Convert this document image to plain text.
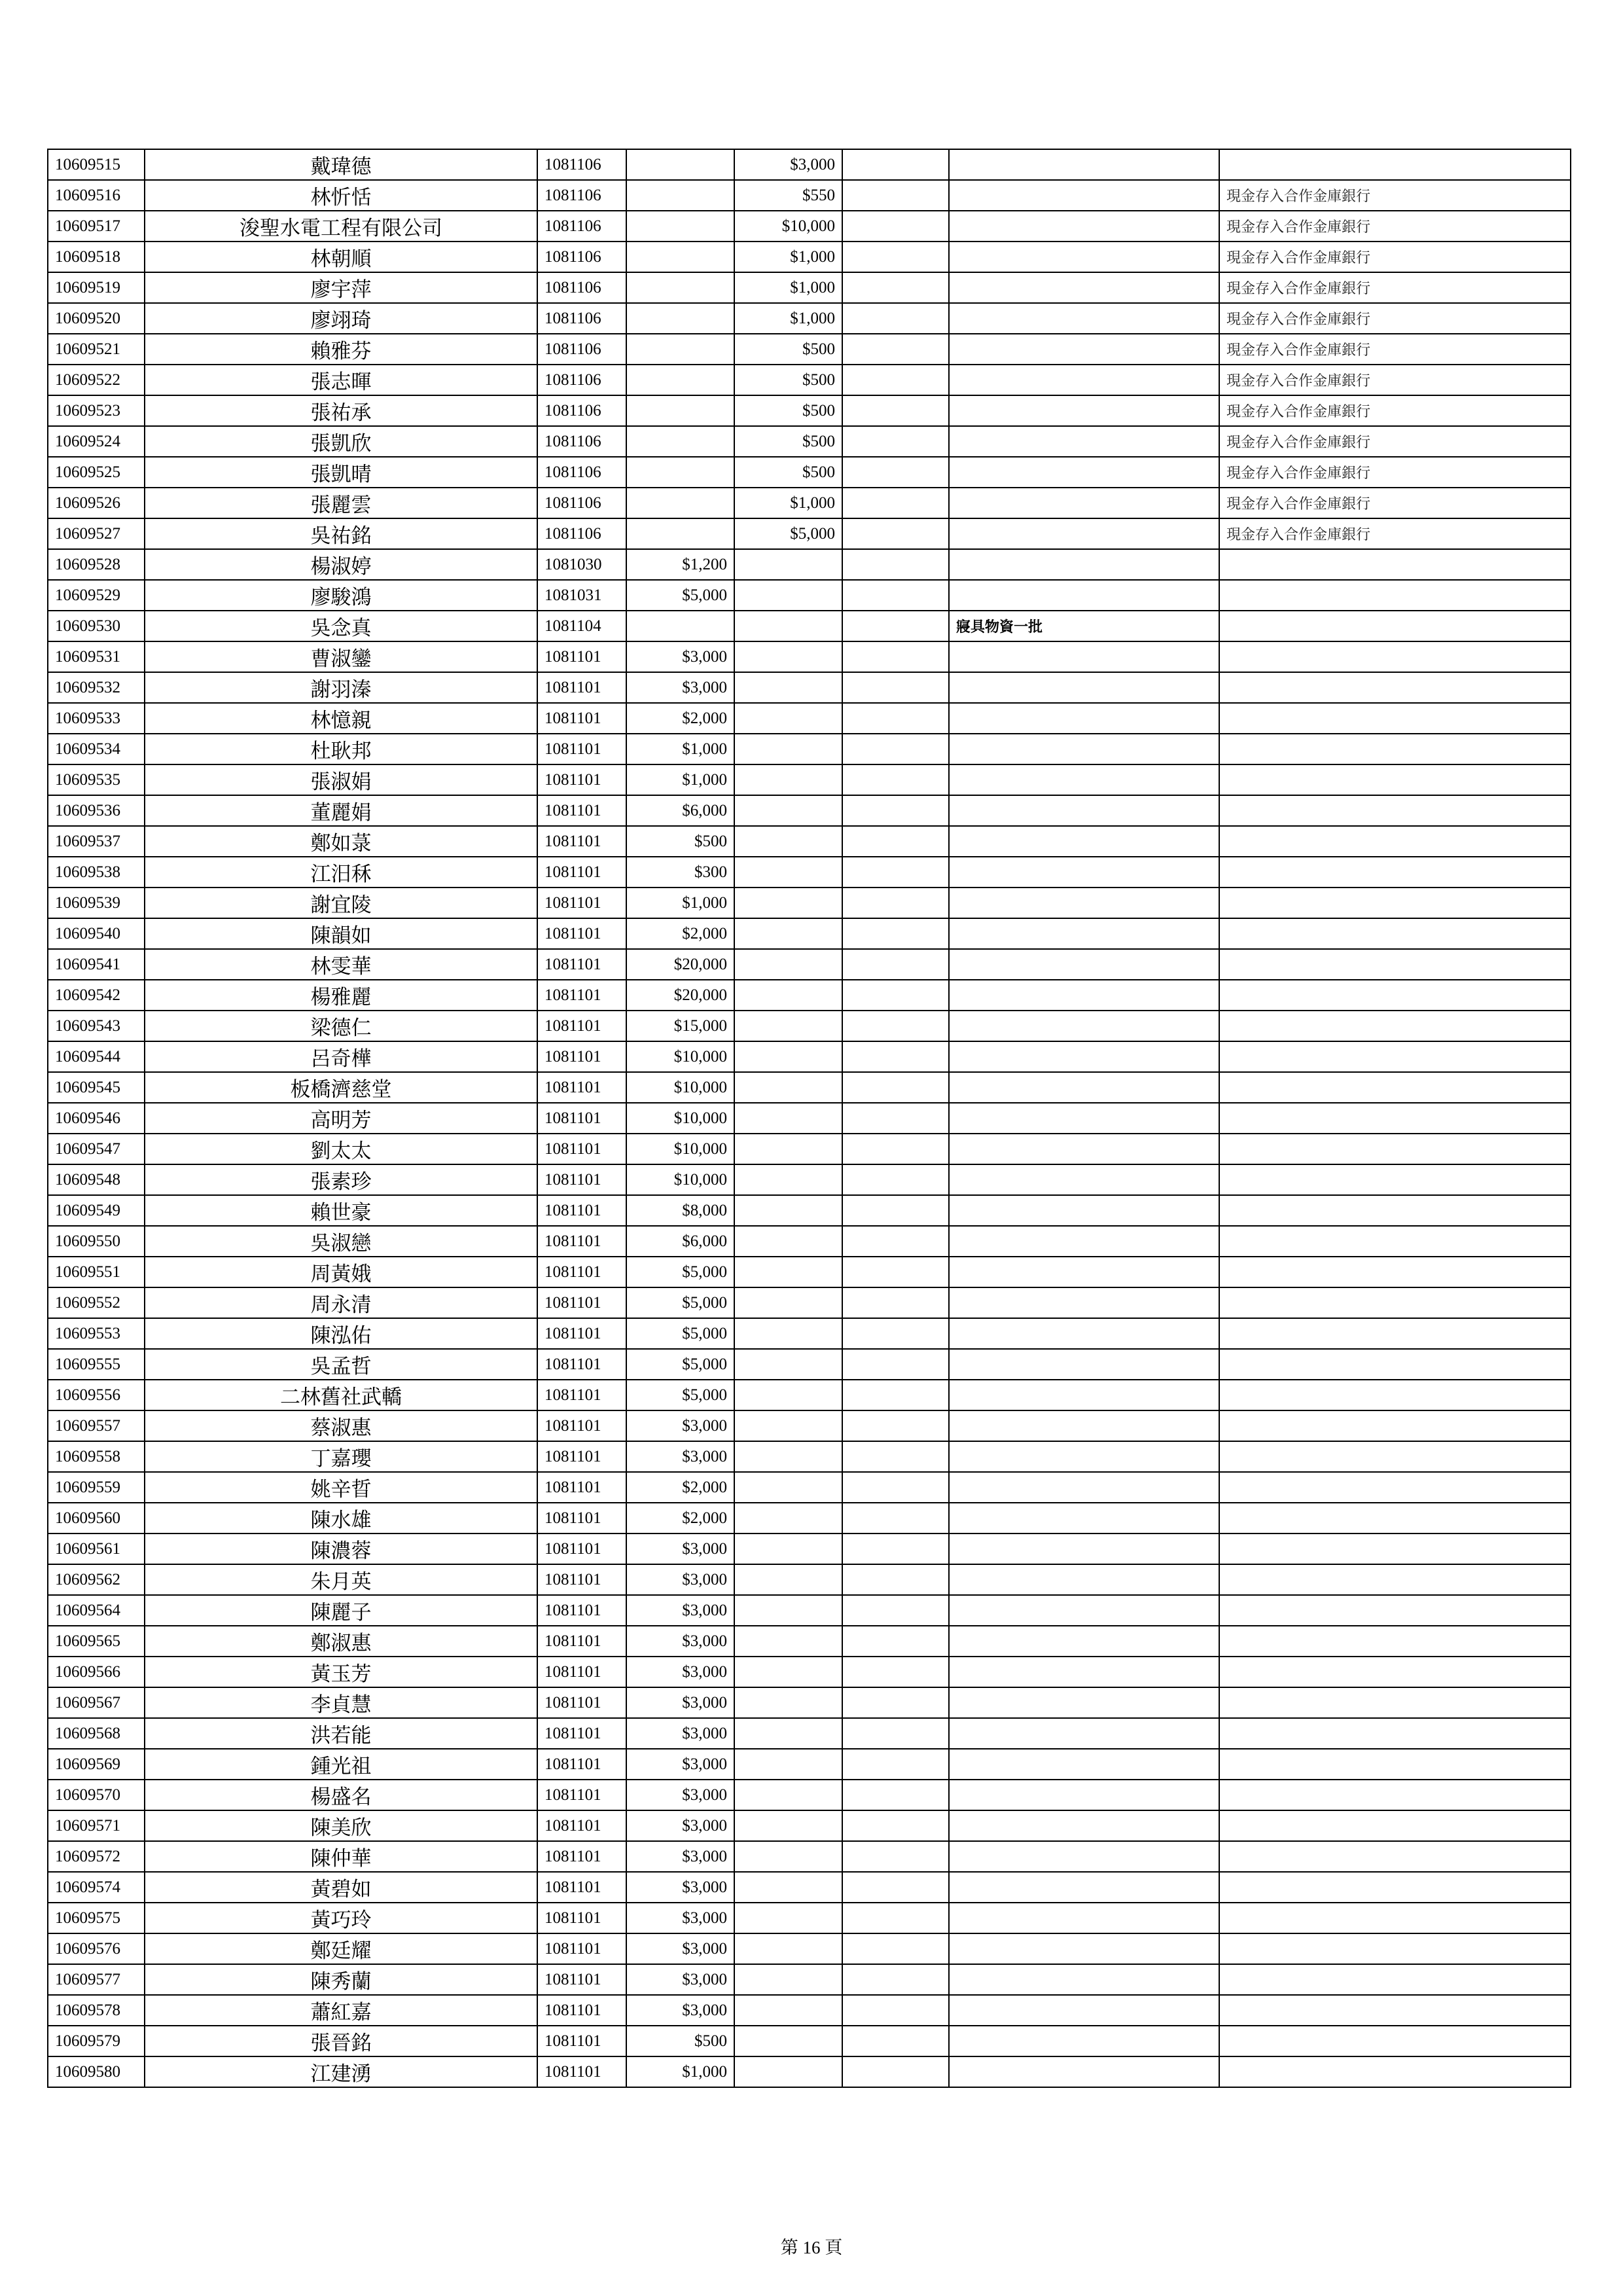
10609515	戴瑋德	1081106		$3,000			
10609516	林忻恬	1081106		$550			現金存入合作金庫銀行
10609517	浚聖水電工程有限公司	1081106		$10,000			現金存入合作金庫銀行
10609518	林朝順	1081106		$1,000			現金存入合作金庫銀行
10609519	廖宇萍	1081106		$1,000			現金存入合作金庫銀行
10609520	廖翊琦	1081106		$1,000			現金存入合作金庫銀行
10609521	賴雅芬	1081106		$500			現金存入合作金庫銀行
10609522	張志暉	1081106		$500			現金存入合作金庫銀行
10609523	張祐承	1081106		$500			現金存入合作金庫銀行
10609524	張凱欣	1081106		$500			現金存入合作金庫銀行
10609525	張凱晴	1081106		$500			現金存入合作金庫銀行
10609526	張麗雲	1081106		$1,000			現金存入合作金庫銀行
10609527	吳祐銘	1081106		$5,000			現金存入合作金庫銀行
10609528	楊淑婷	1081030	$1,200				
10609529	廖駿鴻	1081031	$5,000				
10609530	吳念真	1081104				寢具物資一批	
10609531	曹淑鑾	1081101	$3,000				
10609532	謝羽溱	1081101	$3,000				
10609533	林憶親	1081101	$2,000				
10609534	杜耿邦	1081101	$1,000				
10609535	張淑娟	1081101	$1,000				
10609536	董麗娟	1081101	$6,000				
10609537	鄭如菉	1081101	$500				
10609538	江汨秝	1081101	$300				
10609539	謝宜陵	1081101	$1,000				
10609540	陳韻如	1081101	$2,000				
10609541	林雯華	1081101	$20,000				
10609542	楊雅麗	1081101	$20,000				
10609543	梁德仁	1081101	$15,000				
10609544	呂奇樺	1081101	$10,000				
10609545	板橋濟慈堂	1081101	$10,000				
10609546	高明芳	1081101	$10,000				
10609547	劉太太	1081101	$10,000				
10609548	張素珍	1081101	$10,000				
10609549	賴世豪	1081101	$8,000				
10609550	吳淑戀	1081101	$6,000				
10609551	周黃娥	1081101	$5,000				
10609552	周永清	1081101	$5,000				
10609553	陳泓佑	1081101	$5,000				
10609555	吳孟哲	1081101	$5,000				
10609556	二林舊社武轎	1081101	$5,000				
10609557	蔡淑惠	1081101	$3,000				
10609558	丁嘉瓔	1081101	$3,000				
10609559	姚辛晢	1081101	$2,000				
10609560	陳水雄	1081101	$2,000				
10609561	陳濃蓉	1081101	$3,000				
10609562	朱月英	1081101	$3,000				
10609564	陳麗子	1081101	$3,000				
10609565	鄭淑惠	1081101	$3,000				
10609566	黃玉芳	1081101	$3,000				
10609567	李貞慧	1081101	$3,000				
10609568	洪若能	1081101	$3,000				
10609569	鍾光祖	1081101	$3,000				
10609570	楊盛名	1081101	$3,000				
10609571	陳美欣	1081101	$3,000				
10609572	陳仲華	1081101	$3,000				
10609574	黃碧如	1081101	$3,000				
10609575	黃巧玲	1081101	$3,000				
10609576	鄭廷耀	1081101	$3,000				
10609577	陳秀蘭	1081101	$3,000				
10609578	蕭紅嘉	1081101	$3,000				
10609579	張晉銘	1081101	$500				
10609580	江建湧	1081101	$1,000				
第 16 頁
